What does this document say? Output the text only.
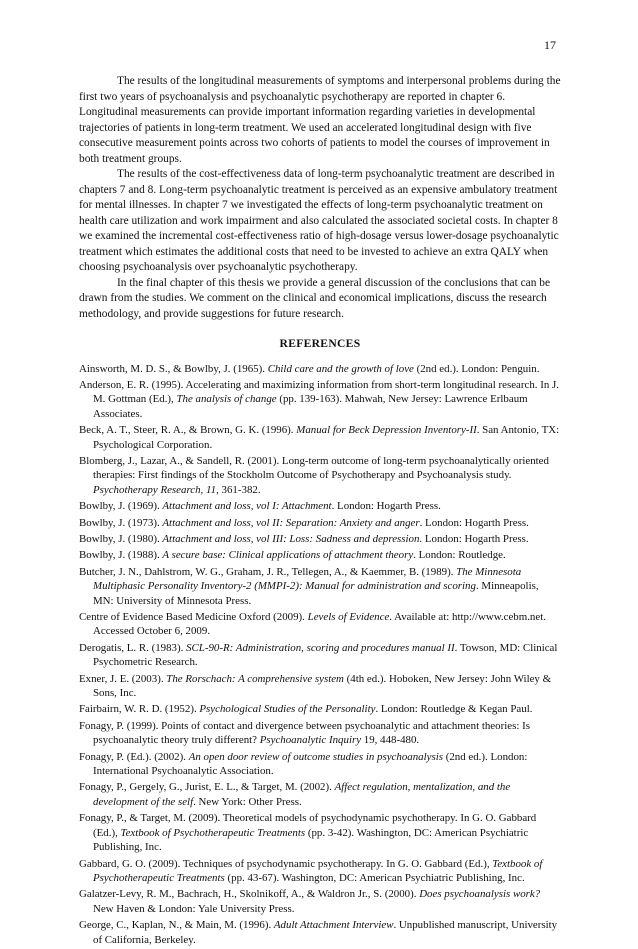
17

The results of the longitudinal measurements of symptoms and interpersonal problems during the first two years of psychoanalysis and psychoanalytic psychotherapy are reported in chapter 6. Longitudinal measurements can provide important information regarding varieties in developmental trajectories of patients in long-term treatment. We used an accelerated longitudinal design with five consecutive measurement points across two cohorts of patients to model the courses of improvement in both treatment groups.

The results of the cost-effectiveness data of long-term psychoanalytic treatment are described in chapters 7 and 8. Long-term psychoanalytic treatment is perceived as an expensive ambulatory treatment for mental illnesses. In chapter 7 we investigated the effects of long-term psychoanalytic treatment on health care utilization and work impairment and also calculated the associated societal costs. In chapter 8 we examined the incremental cost-effectiveness ratio of high-dosage versus lower-dosage psychoanalytic treatment which estimates the additional costs that need to be invested to achieve an extra QALY when choosing psychoanalysis over psychoanalytic psychotherapy.

In the final chapter of this thesis we provide a general discussion of the conclusions that can be drawn from the studies. We comment on the clinical and economical implications, discuss the research methodology, and provide suggestions for future research.

REFERENCES
Ainsworth, M. D. S., & Bowlby, J. (1965). Child care and the growth of love (2nd ed.). London: Penguin.
Anderson, E. R. (1995). Accelerating and maximizing information from short-term longitudinal research. In J. M. Gottman (Ed.), The analysis of change (pp. 139-163). Mahwah, New Jersey: Lawrence Erlbaum Associates.
Beck, A. T., Steer, R. A., & Brown, G. K. (1996). Manual for Beck Depression Inventory-II. San Antonio, TX: Psychological Corporation.
Blomberg, J., Lazar, A., & Sandell, R. (2001). Long-term outcome of long-term psychoanalytically oriented therapies: First findings of the Stockholm Outcome of Psychotherapy and Psychoanalysis study. Psychotherapy Research, 11, 361-382.
Bowlby, J. (1969). Attachment and loss, vol I: Attachment. London: Hogarth Press.
Bowlby, J. (1973). Attachment and loss, vol II: Separation: Anxiety and anger. London: Hogarth Press.
Bowlby, J. (1980). Attachment and loss, vol III: Loss: Sadness and depression. London: Hogarth Press.
Bowlby, J. (1988). A secure base: Clinical applications of attachment theory. London: Routledge.
Butcher, J. N., Dahlstrom, W. G., Graham, J. R., Tellegen, A., & Kaemmer, B. (1989). The Minnesota Multiphasic Personality Inventory-2 (MMPI-2): Manual for administration and scoring. Minneapolis, MN: University of Minnesota Press.
Centre of Evidence Based Medicine Oxford (2009). Levels of Evidence. Available at: http://www.cebm.net. Accessed October 6, 2009.
Derogatis, L. R. (1983). SCL-90-R: Administration, scoring and procedures manual II. Towson, MD: Clinical Psychometric Research.
Exner, J. E. (2003). The Rorschach: A comprehensive system (4th ed.). Hoboken, New Jersey: John Wiley & Sons, Inc.
Fairbairn, W. R. D. (1952). Psychological Studies of the Personality. London: Routledge & Kegan Paul.
Fonagy, P. (1999). Points of contact and divergence between psychoanalytic and attachment theories: Is psychoanalytic theory truly different? Psychoanalytic Inquiry 19, 448-480.
Fonagy, P. (Ed.). (2002). An open door review of outcome studies in psychoanalysis (2nd ed.). London: International Psychoanalytic Association.
Fonagy, P., Gergely, G., Jurist, E. L., & Target, M. (2002). Affect regulation, mentalization, and the development of the self. New York: Other Press.
Fonagy, P., & Target, M. (2009). Theoretical models of psychodynamic psychotherapy. In G. O. Gabbard (Ed.), Textbook of Psychotherapeutic Treatments (pp. 3-42). Washington, DC: American Psychiatric Publishing, Inc.
Gabbard, G. O. (2009). Techniques of psychodynamic psychotherapy. In G. O. Gabbard (Ed.), Textbook of Psychotherapeutic Treatments (pp. 43-67). Washington, DC: American Psychiatric Publishing, Inc.
Galatzer-Levy, R. M., Bachrach, H., Skolnikoff, A., & Waldron Jr., S. (2000). Does psychoanalysis work? New Haven & London: Yale University Press.
George, C., Kaplan, N., & Main, M. (1996). Adult Attachment Interview. Unpublished manuscript, University of California, Berkeley.
